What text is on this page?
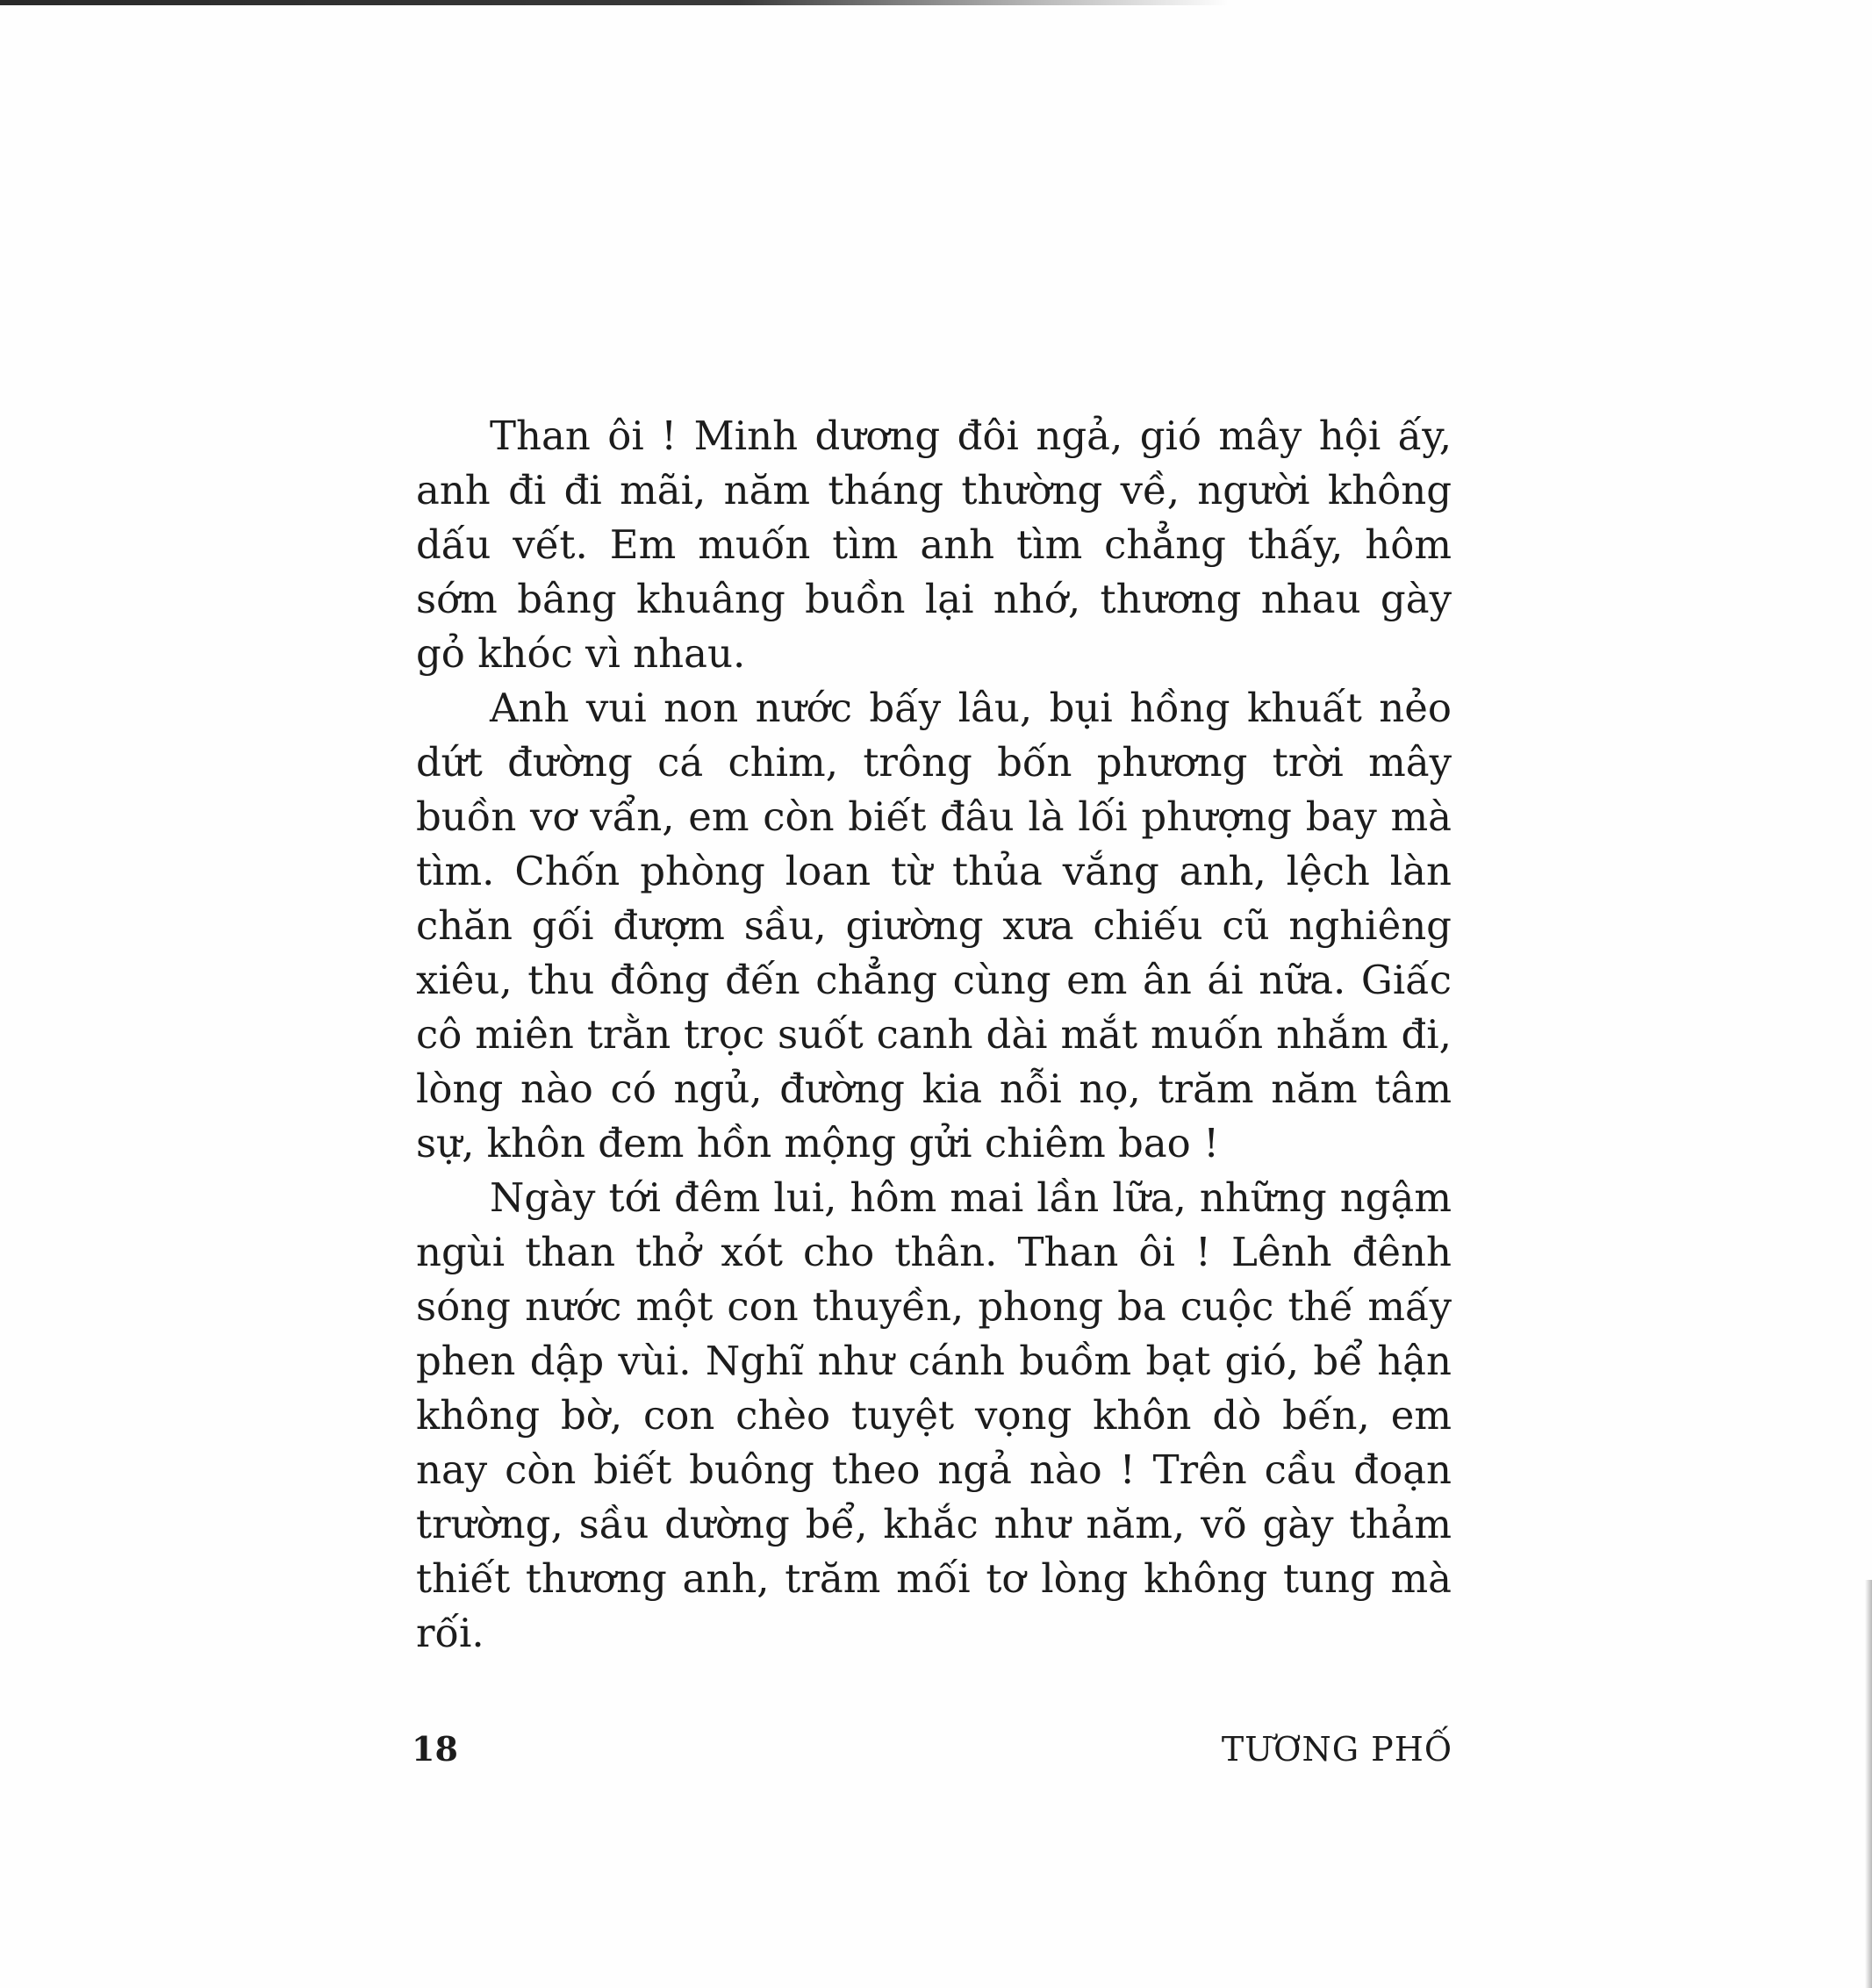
Than ôi ! Minh dương đôi ngả, gió mây hội ấy, anh đi đi mãi, năm tháng thường về, người không dấu vết. Em muốn tìm anh tìm chẳng thấy, hôm sớm bâng khuâng buồn lại nhớ, thương nhau gày gỏ khóc vì nhau.

Anh vui non nước bấy lâu, bụi hồng khuất nẻo dứt đường cá chim, trông bốn phương trời mây buồn vơ vẩn, em còn biết đâu là lối phượng bay mà tìm. Chốn phòng loan từ thủa vắng anh, lệch làn chăn gối đượm sầu, giường xưa chiếu cũ nghiêng xiêu, thu đông đến chẳng cùng em ân ái nữa. Giấc cô miên trằn trọc suốt canh dài mắt muốn nhắm đi, lòng nào có ngủ, đường kia nỗi nọ, trăm năm tâm sự, khôn đem hồn mộng gửi chiêm bao !

Ngày tới đêm lui, hôm mai lần lữa, những ngậm ngùi than thở xót cho thân. Than ôi ! Lênh đênh sóng nước một con thuyền, phong ba cuộc thế mấy phen dập vùi. Nghĩ như cánh buồm bạt gió, bể hận không bờ, con chèo tuyệt vọng khôn dò bến, em nay còn biết buông theo ngả nào ! Trên cầu đoạn trường, sầu dường bể, khắc như năm, võ gày thảm thiết thương anh, trăm mối tơ lòng không tung mà rối.

18	TƯƠNG PHỐ
